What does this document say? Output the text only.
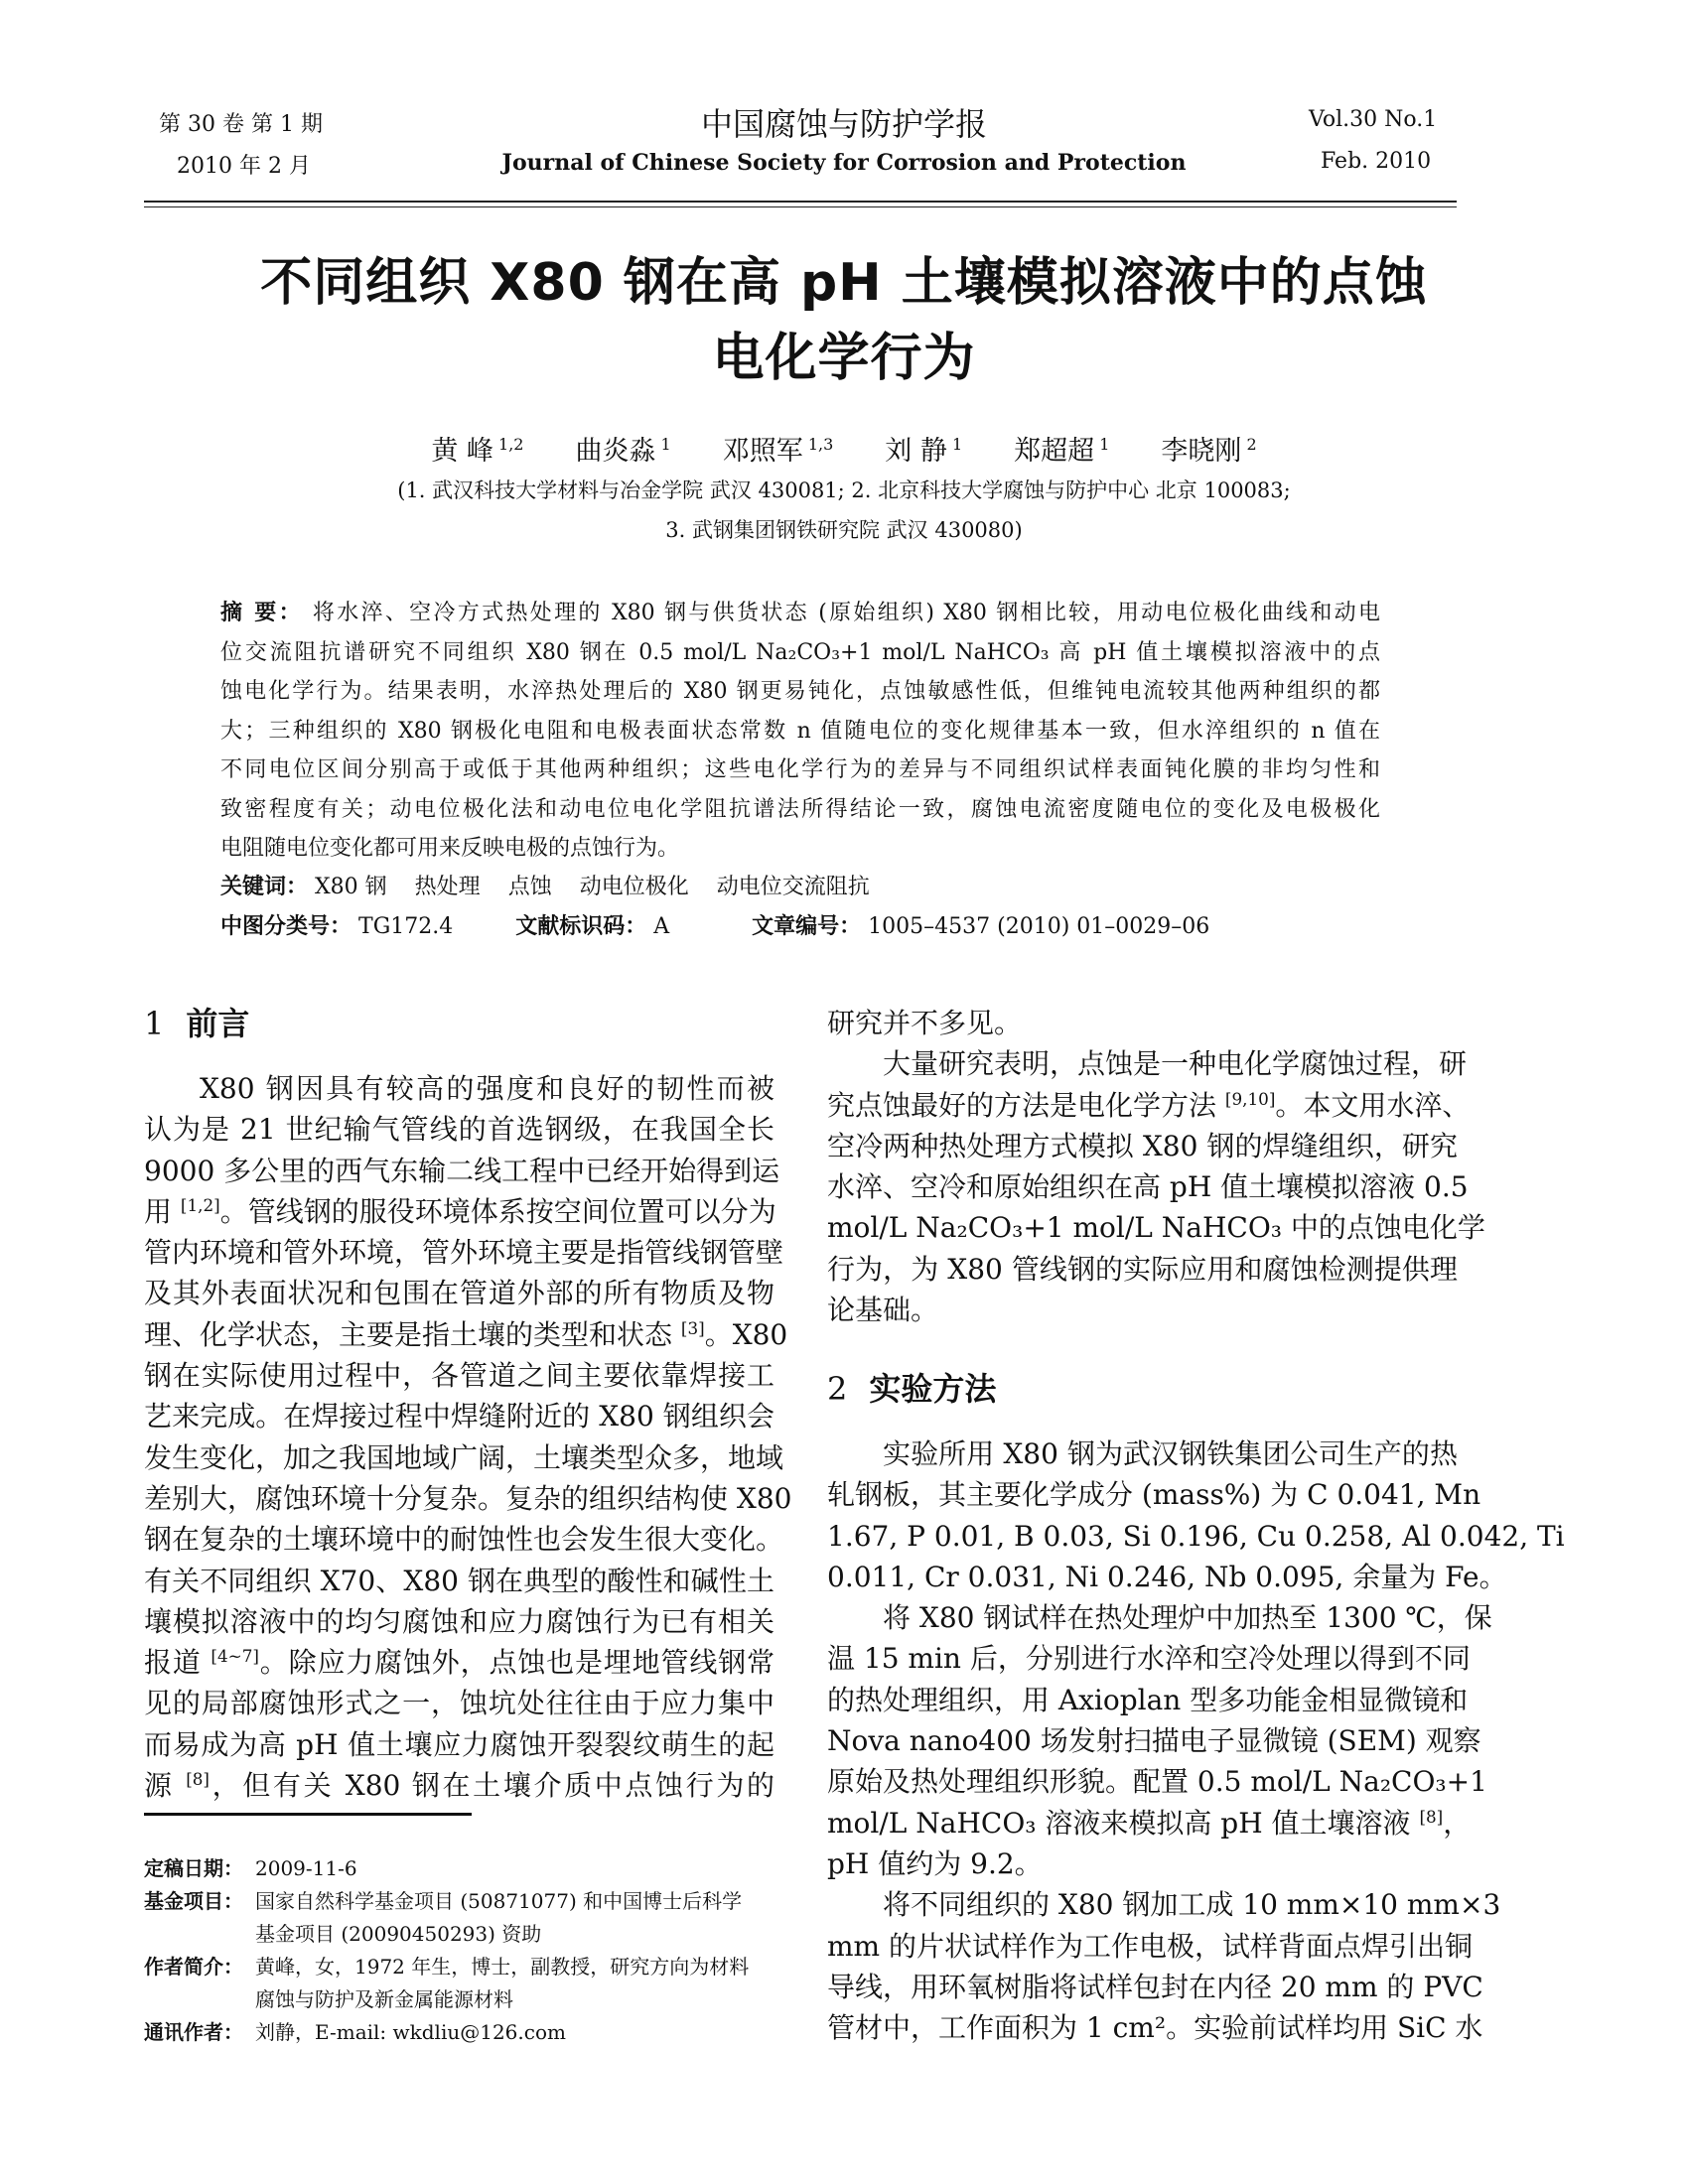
第 30 卷 第 1 期
2010 年 2 月
中国腐蚀与防护学报
Journal of Chinese Society for Corrosion and Protection
Vol.30 No.1
Feb. 2010
不同组织 X80 钢在高 pH 土壤模拟溶液中的点蚀
电化学行为
黄 峰 $^{1,2}$ 曲炎淼 $^1$ 邓照军 $^{1,3}$ 刘 静 $^1$ 郑超超 $^1$ 李晓刚 $^2$
(1. 武汉科技大学材料与冶金学院 武汉 430081; 2. 北京科技大学腐蚀与防护中心 北京 100083;
3. 武钢集团钢铁研究院 武汉 430080)
摘 要： 将水淬、空冷方式热处理的 X80 钢与供货状态 (原始组织) X80 钢相比较，用动电位极化曲线和动电
位交流阻抗谱研究不同组织 X80 钢在 0.5 mol/L Na₂CO₃+1 mol/L NaHCO₃ 高 pH 值土壤模拟溶液中的点
蚀电化学行为。结果表明，水淬热处理后的 X80 钢更易钝化，点蚀敏感性低，但维钝电流较其他两种组织的都
大；三种组织的 X80 钢极化电阻和电极表面状态常数 n 值随电位的变化规律基本一致，但水淬组织的 n 值在
不同电位区间分别高于或低于其他两种组织；这些电化学行为的差异与不同组织试样表面钝化膜的非均匀性和
致密程度有关；动电位极化法和动电位电化学阻抗谱法所得结论一致，腐蚀电流密度随电位的变化及电极极化
电阻随电位变化都可用来反映电极的点蚀行为。
关键词： X80 钢 热处理 点蚀 动电位极化 动电位交流阻抗
中图分类号： TG172.4	文献标识码： A	文章编号： 1005–4537 (2010) 01–0029–06
1 前言
X80 钢因具有较高的强度和良好的韧性而被
认为是 21 世纪输气管线的首选钢级，在我国全长
9000 多公里的西气东输二线工程中已经开始得到运
用 [1,2]。管线钢的服役环境体系按空间位置可以分为
管内环境和管外环境，管外环境主要是指管线钢管壁
及其外表面状况和包围在管道外部的所有物质及物
理、化学状态，主要是指土壤的类型和状态 [3]。X80
钢在实际使用过程中，各管道之间主要依靠焊接工
艺来完成。在焊接过程中焊缝附近的 X80 钢组织会
发生变化，加之我国地域广阔，土壤类型众多，地域
差别大，腐蚀环境十分复杂。复杂的组织结构使 X80
钢在复杂的土壤环境中的耐蚀性也会发生很大变化。
有关不同组织 X70、X80 钢在典型的酸性和碱性土
壤模拟溶液中的均匀腐蚀和应力腐蚀行为已有相关
报道 [4~7]。除应力腐蚀外，点蚀也是埋地管线钢常
见的局部腐蚀形式之一，蚀坑处往往由于应力集中
而易成为高 pH 值土壤应力腐蚀开裂裂纹萌生的起
源 [8]，但有关 X80 钢在土壤介质中点蚀行为的
研究并不多见。
大量研究表明，点蚀是一种电化学腐蚀过程，研
究点蚀最好的方法是电化学方法 [9,10]。本文用水淬、
空冷两种热处理方式模拟 X80 钢的焊缝组织，研究
水淬、空冷和原始组织在高 pH 值土壤模拟溶液 0.5
mol/L Na₂CO₃+1 mol/L NaHCO₃ 中的点蚀电化学
行为，为 X80 管线钢的实际应用和腐蚀检测提供理
论基础。
2 实验方法
实验所用 X80 钢为武汉钢铁集团公司生产的热
轧钢板，其主要化学成分 (mass%) 为 C 0.041, Mn
1.67, P 0.01, B 0.03, Si 0.196, Cu 0.258, Al 0.042, Ti
0.011, Cr 0.031, Ni 0.246, Nb 0.095, 余量为 Fe。
将 X80 钢试样在热处理炉中加热至 1300 ℃，保
温 15 min 后，分别进行水淬和空冷处理以得到不同
的热处理组织，用 Axioplan 型多功能金相显微镜和
Nova nano400 场发射扫描电子显微镜 (SEM) 观察
原始及热处理组织形貌。配置 0.5 mol/L Na₂CO₃+1
mol/L NaHCO₃ 溶液来模拟高 pH 值土壤溶液 [8]，
pH 值约为 9.2。
将不同组织的 X80 钢加工成 10 mm×10 mm×3
mm 的片状试样作为工作电极，试样背面点焊引出铜
导线，用环氧树脂将试样包封在内径 20 mm 的 PVC
管材中，工作面积为 1 cm²。实验前试样均用 SiC 水
定稿日期： 2009-11-6
基金项目： 国家自然科学基金项目 (50871077) 和中国博士后科学
基金项目 (20090450293) 资助
作者简介： 黄峰，女，1972 年生，博士，副教授，研究方向为材料
腐蚀与防护及新金属能源材料
通讯作者： 刘静，E-mail: wkdliu@126.com
